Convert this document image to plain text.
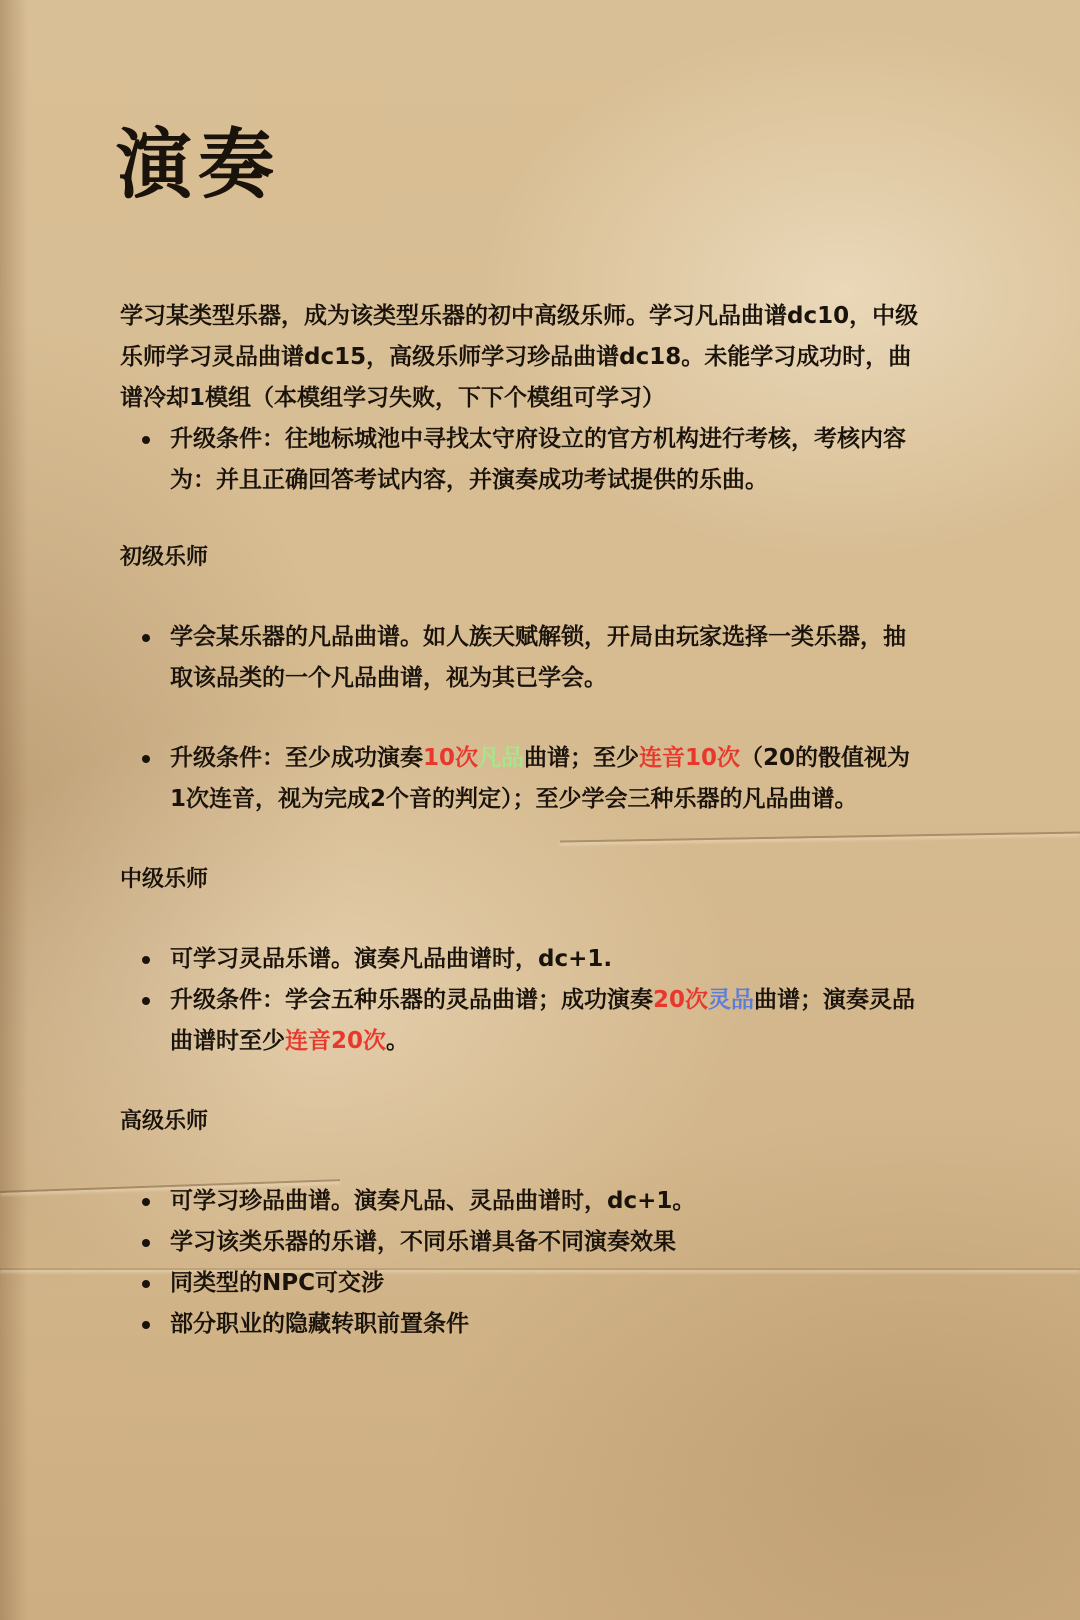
演奏

学习某类型乐器，成为该类型乐器的初中高级乐师。学习凡品曲谱dc10，中级乐师学习灵品曲谱dc15，高级乐师学习珍品曲谱dc18。未能学习成功时，曲谱冷却1模组（本模组学习失败，下下个模组可学习）

升级条件：往地标城池中寻找太守府设立的官方机构进行考核，考核内容为：并且正确回答考试内容，并演奏成功考试提供的乐曲。
初级乐师
学会某乐器的凡品曲谱。如人族天赋解锁，开局由玩家选择一类乐器，抽取该品类的一个凡品曲谱，视为其已学会。
升级条件：至少成功演奏10次凡品曲谱；至少连音10次（20的骰值视为1次连音，视为完成2个音的判定）；至少学会三种乐器的凡品曲谱。
中级乐师
可学习灵品乐谱。演奏凡品曲谱时，dc+1.
升级条件：学会五种乐器的灵品曲谱；成功演奏20次灵品曲谱；演奏灵品曲谱时至少连音20次。
高级乐师
可学习珍品曲谱。演奏凡品、灵品曲谱时，dc+1。
学习该类乐器的乐谱，不同乐谱具备不同演奏效果
同类型的NPC可交涉
部分职业的隐藏转职前置条件
